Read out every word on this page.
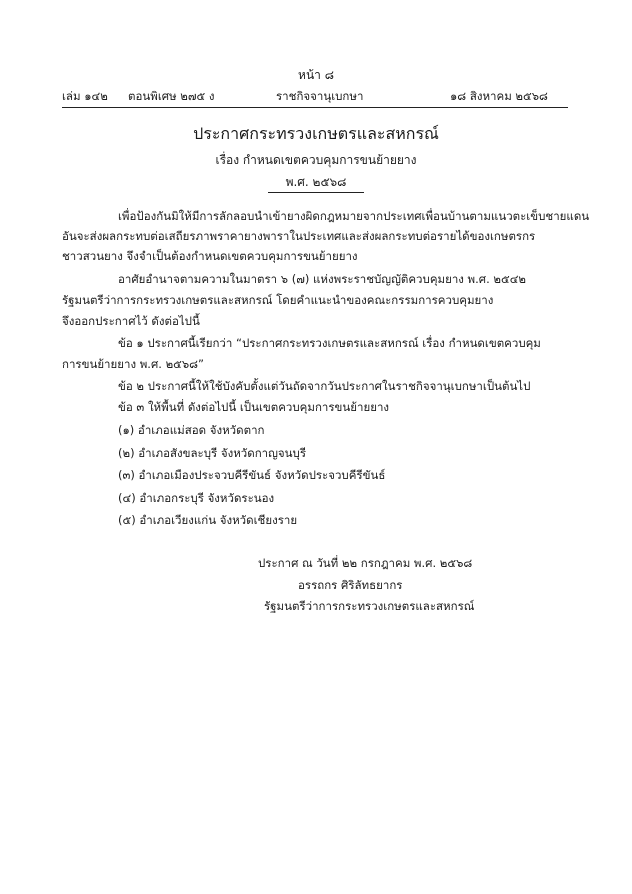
หน้า ๘
เล่ม ๑๔๒ ตอนพิเศษ ๒๗๕ ง	ราชกิจจานุเบกษา	๑๘ สิงหาคม ๒๕๖๘
ประกาศกระทรวงเกษตรและสหกรณ์
เรื่อง กำหนดเขตควบคุมการขนย้ายยาง
พ.ศ. ๒๕๖๘
เพื่อป้องกันมิให้มีการลักลอบนำเข้ายางผิดกฎหมายจากประเทศเพื่อนบ้านตามแนวตะเข็บชายแดน
อันจะส่งผลกระทบต่อเสถียรภาพราคายางพาราในประเทศและส่งผลกระทบต่อรายได้ของเกษตรกร
ชาวสวนยาง จึงจำเป็นต้องกำหนดเขตควบคุมการขนย้ายยาง
อาศัยอำนาจตามความในมาตรา ๖ (๗) แห่งพระราชบัญญัติควบคุมยาง พ.ศ. ๒๕๔๒
รัฐมนตรีว่าการกระทรวงเกษตรและสหกรณ์ โดยคำแนะนำของคณะกรรมการควบคุมยาง
จึงออกประกาศไว้ ดังต่อไปนี้
ข้อ ๑ ประกาศนี้เรียกว่า “ประกาศกระทรวงเกษตรและสหกรณ์ เรื่อง กำหนดเขตควบคุม
การขนย้ายยาง พ.ศ. ๒๕๖๘”
ข้อ ๒ ประกาศนี้ให้ใช้บังคับตั้งแต่วันถัดจากวันประกาศในราชกิจจานุเบกษาเป็นต้นไป
ข้อ ๓ ให้พื้นที่ ดังต่อไปนี้ เป็นเขตควบคุมการขนย้ายยาง
(๑) อำเภอแม่สอด จังหวัดตาก
(๒) อำเภอสังขละบุรี จังหวัดกาญจนบุรี
(๓) อำเภอเมืองประจวบคีรีขันธ์ จังหวัดประจวบคีรีขันธ์
(๔) อำเภอกระบุรี จังหวัดระนอง
(๕) อำเภอเวียงแก่น จังหวัดเชียงราย
ประกาศ ณ วันที่ ๒๒ กรกฎาคม พ.ศ. ๒๕๖๘
อรรถกร ศิริลัทธยากร
รัฐมนตรีว่าการกระทรวงเกษตรและสหกรณ์
